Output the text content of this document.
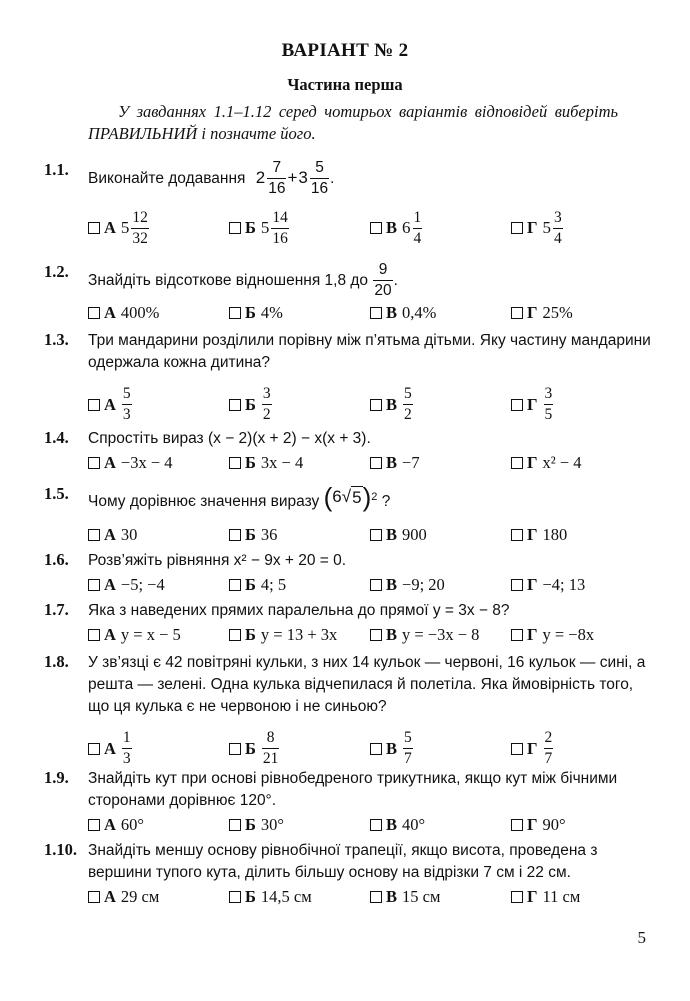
ВАРІАНТ № 2
Частина перша
У завданнях 1.1–1.12 серед чотирьох варіантів відповідей виберіть ПРАВИЛЬНИЙ і позначте його.
1.1.	Виконайте додавання $2 \frac{7}{16} +3 \frac{5}{16}$ .
А $5 \frac{12}{32}$	Б $5 \frac{14}{16}$	В $6 \frac{1}{4}$	Г $5 \frac{3}{4}$
1.2.	Знайдіть відсоткове відношення 1,8 до $\frac{9}{20}$ .
А 400%	Б 4%	В 0,4%	Г 25%
1.3.	Три мандарини розділили порівну між п’ятьма дітьми. Яку частину мандарини одержала кожна дитина?
А $\frac{5}{3}$	Б $\frac{3}{2}$	В $\frac{5}{2}$	Г $\frac{3}{5}$
1.4.	Спростіть вираз (x − 2)(x + 2) − x(x + 3).
А −3x − 4	Б 3x − 4	В −7	Г x² − 4
1.5.	Чому дорівнює значення виразу ( 6 √ 5 ) 2 ?
А 30	Б 36	В 900	Г 180
1.6.	Розв’яжіть рівняння x² − 9x + 20 = 0.
А −5; −4	Б 4; 5	В −9; 20	Г −4; 13
1.7.	Яка з наведених прямих паралельна до прямої y = 3x − 8?
А y = x − 5	Б y = 13 + 3x	В y = −3x − 8	Г y = −8x
1.8.	У зв’язці є 42 повітряні кульки, з них 14 кульок — червоні, 16 кульок — сині, а решта — зелені. Одна кулька відчепилася й полетіла. Яка ймовірність того, що ця кулька є не червоною і не синьою?
А $\frac{1}{3}$	Б $\frac{8}{21}$	В $\frac{5}{7}$	Г $\frac{2}{7}$
1.9.	Знайдіть кут при основі рівнобедреного трикутника, якщо кут між бічними сторонами дорівнює 120°.
А 60°	Б 30°	В 40°	Г 90°
1.10. Знайдіть меншу основу рівнобічної трапеції, якщо висота, проведена з вершини тупого кута, ділить більшу основу на відрізки 7 см і 22 см.
А 29 см	Б 14,5 см	В 15 см	Г 11 см
5
